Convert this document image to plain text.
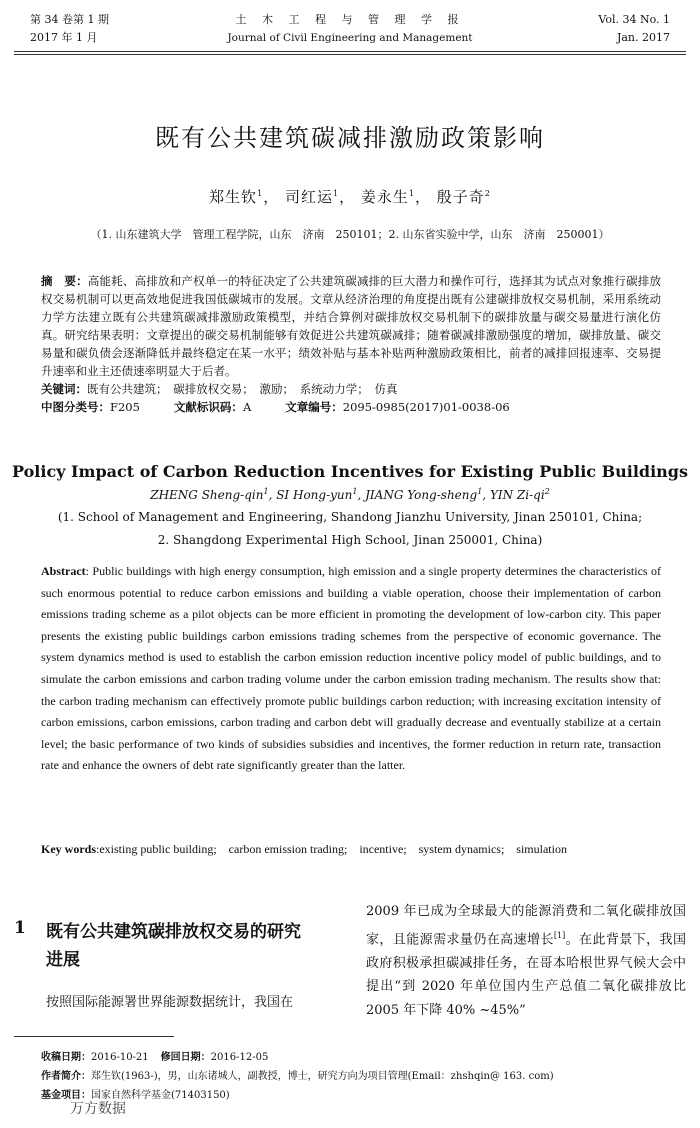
第 34 卷第 1 期
2017 年 1 月
土 木 工 程 与 管 理 学 报
Journal of Civil Engineering and Management
Vol. 34 No. 1
Jan. 2017
既有公共建筑碳减排激励政策影响
郑生钦$^1$， 司红运$^1$， 姜永生$^1$， 殷子奇$^2$
（1. 山东建筑大学　管理工程学院，山东　济南　250101；2. 山东省实验中学，山东　济南　250001）
摘　要：高能耗、高排放和产权单一的特征决定了公共建筑碳减排的巨大潜力和操作可行，选择其为试点对象推行碳排放权交易机制可以更高效地促进我国低碳城市的发展。文章从经济治理的角度提出既有公建碳排放权交易机制，采用系统动力学方法建立既有公共建筑碳减排激励政策模型，并结合算例对碳排放权交易机制下的碳排放量与碳交易量进行演化仿真。研究结果表明：文章提出的碳交易机制能够有效促进公共建筑碳减排；随着碳减排激励强度的增加，碳排放量、碳交易量和碳负债会逐渐降低并最终稳定在某一水平；绩效补贴与基本补贴两种激励政策相比，前者的减排回报速率、交易提升速率和业主还债速率明显大于后者。
关键词：既有公共建筑；　碳排放权交易；　激励；　系统动力学；　仿真
中图分类号：F205	文献标识码：A	文章编号：2095-0985(2017)01-0038-06
Policy Impact of Carbon Reduction Incentives for Existing Public Buildings
ZHENG Sheng-qin$^1$, SI Hong-yun$^1$, JIANG Yong-sheng$^1$, YIN $Zi-qi^2$
(1. School of Management and Engineering, Shandong Jianzhu University, Jinan 250101, China;
2. Shangdong Experimental High School, Jinan 250001, China)
Abstract: Public buildings with high energy consumption, high emission and a single property determines the characteristics of such enormous potential to reduce carbon emissions and building a viable operation, choose their implementation of carbon emissions trading scheme as a pilot objects can be more efficient in promoting the development of low-carbon city. This paper presents the existing public buildings carbon emissions trading schemes from the perspective of economic governance. The system dynamics method is used to establish the carbon emission reduction incentive policy model of public buildings, and to simulate the carbon emissions and carbon trading volume under the carbon emission trading mechanism. The results show that: the carbon trading mechanism can effectively promote public buildings carbon reduction; with increasing excitation intensity of carbon emissions, carbon emissions, carbon trading and carbon debt will gradually decrease and eventually stabilize at a certain level; the basic performance of two kinds of subsidies subsidies and incentives, the former reduction in return rate, transaction rate and enhance the owners of debt rate significantly greater than the latter.
Key words: existing public building;　carbon emission trading;　incentive;　system dynamics;　simulation
1 既有公共建筑碳排放权交易的研究进展
按照国际能源署世界能源数据统计，我国在
2009 年已成为全球最大的能源消费和二氧化碳排放国家，且能源需求量仍在高速增长[1]。在此背景下，我国政府积极承担碳减排任务，在哥本哈根世界气候大会中提出“到 2020 年单位国内生产总值二氧化碳排放比 2005 年下降 40% ~45%”
收稿日期：2016-10-21 修回日期：2016-12-05
作者简介：郑生钦(1963-)，男，山东诸城人，副教授，博士，研究方向为项目管理(Email：zhshqin@ 163. com)
基金项目：国家自然科学基金(71403150)
万方数据
